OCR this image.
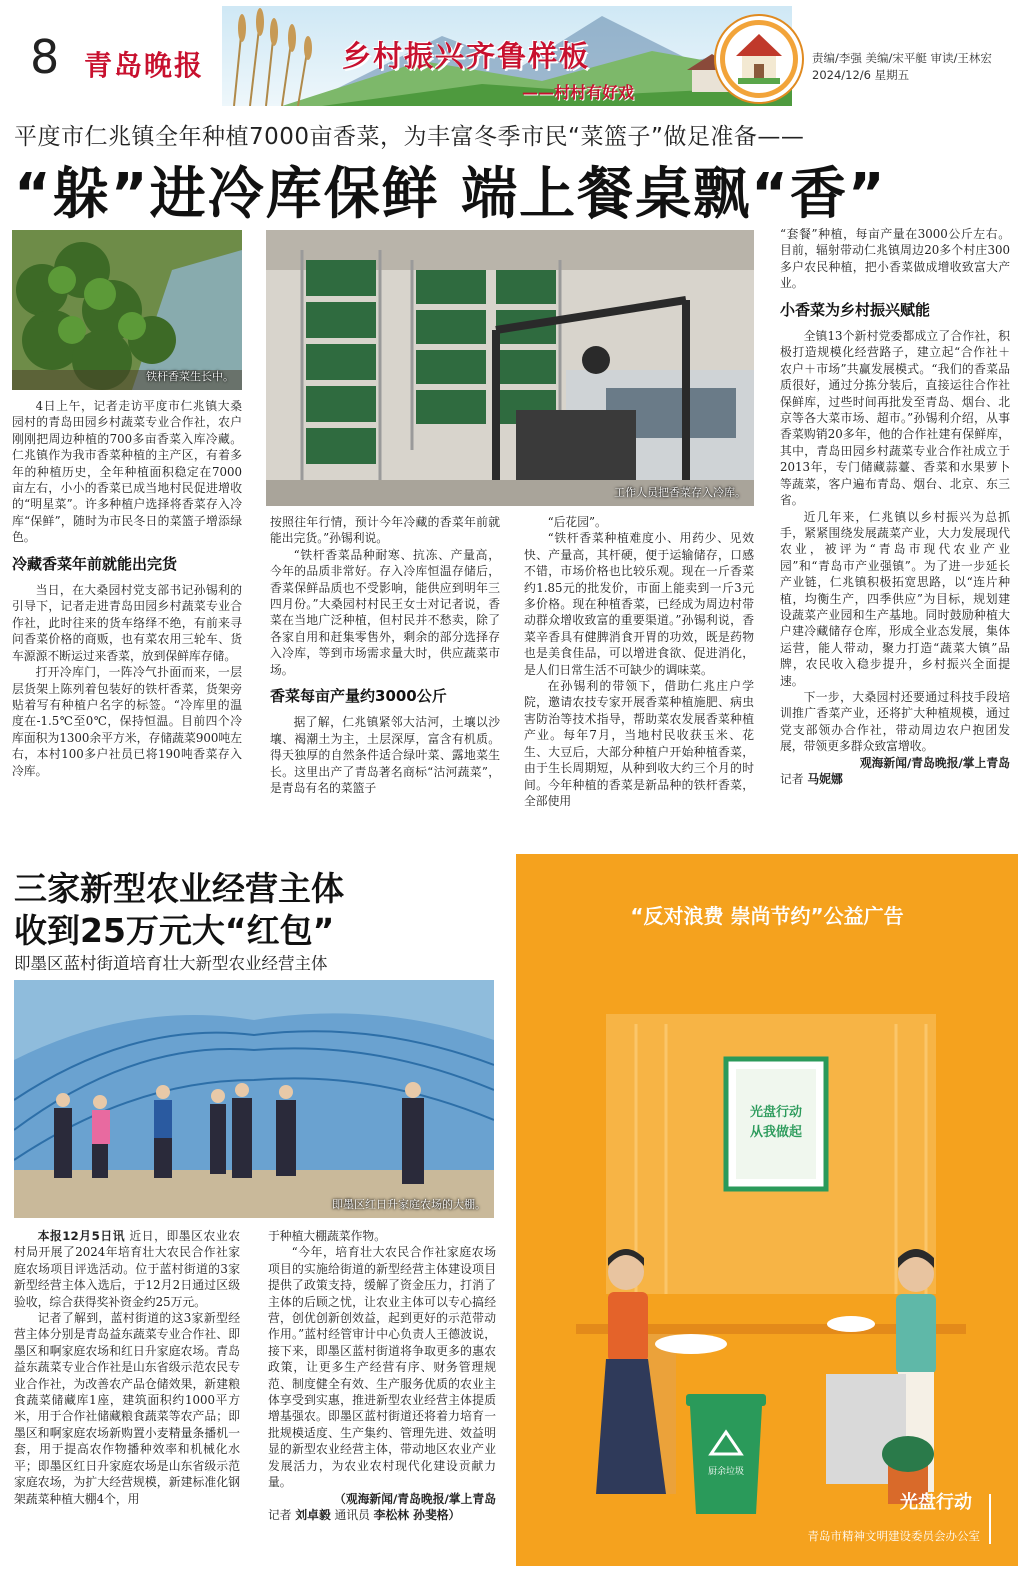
8 青岛晚报	乡村振兴齐鲁样板
——村村有好戏
责编/李强 美编/宋平艇 审读/王林宏
2024/12/6 星期五
平度市仁兆镇全年种植7000亩香菜，为丰富冬季市民“菜篮子”做足准备——
“躲”进冷库保鲜 端上餐桌飘“香”
铁杆香菜生长中。
工作人员把香菜存入冷库。

4日上午，记者走访平度市仁兆镇大桑园村的青岛田园乡村蔬菜专业合作社，农户刚刚把周边种植的700多亩香菜入库冷藏。仁兆镇作为我市香菜种植的主产区，有着多年的种植历史，全年种植面积稳定在7000亩左右，小小的香菜已成当地村民促进增收的“明星菜”。许多种植户选择将香菜存入冷库“保鲜”，随时为市民冬日的菜篮子增添绿色。

冷藏香菜年前就能出完货

当日，在大桑园村党支部书记孙锡利的引导下，记者走进青岛田园乡村蔬菜专业合作社，此时往来的货车络绎不绝，有前来寻问香菜价格的商贩，也有菜农用三轮车、货车源源不断运过来香菜，放到保鲜库存储。

打开冷库门，一阵冷气扑面而来，一层层货架上陈列着包装好的铁杆香菜，货架旁贴着写有种植户名字的标签。“冷库里的温度在-1.5℃至0℃，保持恒温。目前四个冷库面积为1300余平方米，存储蔬菜900吨左右，本村100多户社员已将190吨香菜存入冷库。

按照往年行情，预计今年冷藏的香菜年前就能出完货。”孙锡利说。

“铁杆香菜品种耐寒、抗冻、产量高，今年的品质非常好。存入冷库恒温存储后，香菜保鲜品质也不受影响，能供应到明年三四月份。”大桑园村村民王女士对记者说，香菜在当地广泛种植，但村民并不愁卖，除了各家自用和赶集零售外，剩余的部分选择存入冷库，等到市场需求量大时，供应蔬菜市场。

香菜每亩产量约3000公斤

据了解，仁兆镇紧邻大沽河，土壤以沙壤、褐潮土为主，土层深厚，富含有机质。得天独厚的自然条件适合绿叶菜、露地菜生长。这里出产了青岛著名商标“沽河蔬菜”，是青岛有名的菜篮子

“后花园”。

“铁杆香菜种植难度小、用药少、见效快、产量高，其杆硬，便于运输储存，口感不错，市场价格也比较乐观。现在一斤香菜约1.85元的批发价，市面上能卖到一斤3元多价格。现在种植香菜，已经成为周边村带动群众增收致富的重要渠道。”孙锡利说，香菜辛香具有健脾消食开胃的功效，既是药物也是美食佳品，可以增进食欲、促进消化，是人们日常生活不可缺少的调味菜。

在孙锡利的带领下，借助仁兆庄户学院，邀请农技专家开展香菜种植施肥、病虫害防治等技术指导，帮助菜农发展香菜种植产业。每年7月，当地村民收获玉米、花生、大豆后，大部分种植户开始种植香菜，由于生长周期短，从种到收大约三个月的时间。今年种植的香菜是新品种的铁杆香菜，全部使用

“套餐”种植，每亩产量在3000公斤左右。目前，辐射带动仁兆镇周边20多个村庄300多户农民种植，把小香菜做成增收致富大产业。

小香菜为乡村振兴赋能

全镇13个新村党委都成立了合作社，积极打造规模化经营路子，建立起“合作社＋农户＋市场”共赢发展模式。“我们的香菜品质很好，通过分拣分装后，直接运往合作社保鲜库，过些时间再批发至青岛、烟台、北京等各大菜市场、超市。”孙锡利介绍，从事香菜购销20多年，他的合作社建有保鲜库，其中，青岛田园乡村蔬菜专业合作社成立于2013年，专门储藏蒜薹、香菜和水果萝卜等蔬菜，客户遍布青岛、烟台、北京、东三省。

近几年来，仁兆镇以乡村振兴为总抓手，紧紧围绕发展蔬菜产业，大力发展现代农业，被评为“青岛市现代农业产业园”和“青岛市产业强镇”。为了进一步延长产业链，仁兆镇积极拓宽思路，以“连片种植，均衡生产，四季供应”为目标，规划建设蔬菜产业园和生产基地。同时鼓励种植大户建冷藏储存仓库，形成全业态发展，集体运营，能人带动，聚力打造“蔬菜大镇”品牌，农民收入稳步提升，乡村振兴全面提速。

下一步，大桑园村还要通过科技手段培训推广香菜产业，还将扩大种植规模，通过党支部领办合作社，带动周边农户抱团发展，带领更多群众致富增收。

观海新闻/青岛晚报/掌上青岛
记者 马妮娜
三家新型农业经营主体
收到25万元大“红包”
即墨区蓝村街道培育壮大新型农业经营主体
即墨区红日升家庭农场的大棚。

本报12月5日讯 近日，即墨区农业农村局开展了2024年培育壮大农民合作社家庭农场项目评选活动。位于蓝村街道的3家新型经营主体入选后，于12月2日通过区级验收，综合获得奖补资金约25万元。

记者了解到，蓝村街道的这3家新型经营主体分别是青岛益东蔬菜专业合作社、即墨区和啊家庭农场和红日升家庭农场。青岛益东蔬菜专业合作社是山东省级示范农民专业合作社，为改善农产品仓储效果，新建粮食蔬菜储藏库1座，建筑面积约1000平方米，用于合作社储藏粮食蔬菜等农产品；即墨区和啊家庭农场新购置小麦精量条播机一套，用于提高农作物播种效率和机械化水平；即墨区红日升家庭农场是山东省级示范家庭农场，为扩大经营规模，新建标准化钢架蔬菜种植大棚4个，用

于种植大棚蔬菜作物。

“今年，培育壮大农民合作社家庭农场项目的实施给街道的新型经营主体建设项目提供了政策支持，缓解了资金压力，打消了主体的后顾之忧，让农业主体可以专心搞经营，创优创新创效益，起到更好的示范带动作用。”蓝村经管审计中心负责人王德波说，接下来，即墨区蓝村街道将争取更多的惠农政策，让更多生产经营有序、财务管理规范、制度健全有效、生产服务优质的农业主体享受到实惠，推进新型农业经营主体提质增基强农。即墨区蓝村街道还将着力培育一批规模适度、生产集约、管理先进、效益明显的新型农业经营主体，带动地区农业产业发展活力，为农业农村现代化建设贡献力量。

（观海新闻/青岛晚报/掌上青岛
记者 刘卓毅 通讯员 李松林 孙斐格）
“反对浪费 崇尚节约”公益广告
光盘行动
从我做起
厨余垃圾
光盘行动
青岛市精神文明建设委员会办公室
